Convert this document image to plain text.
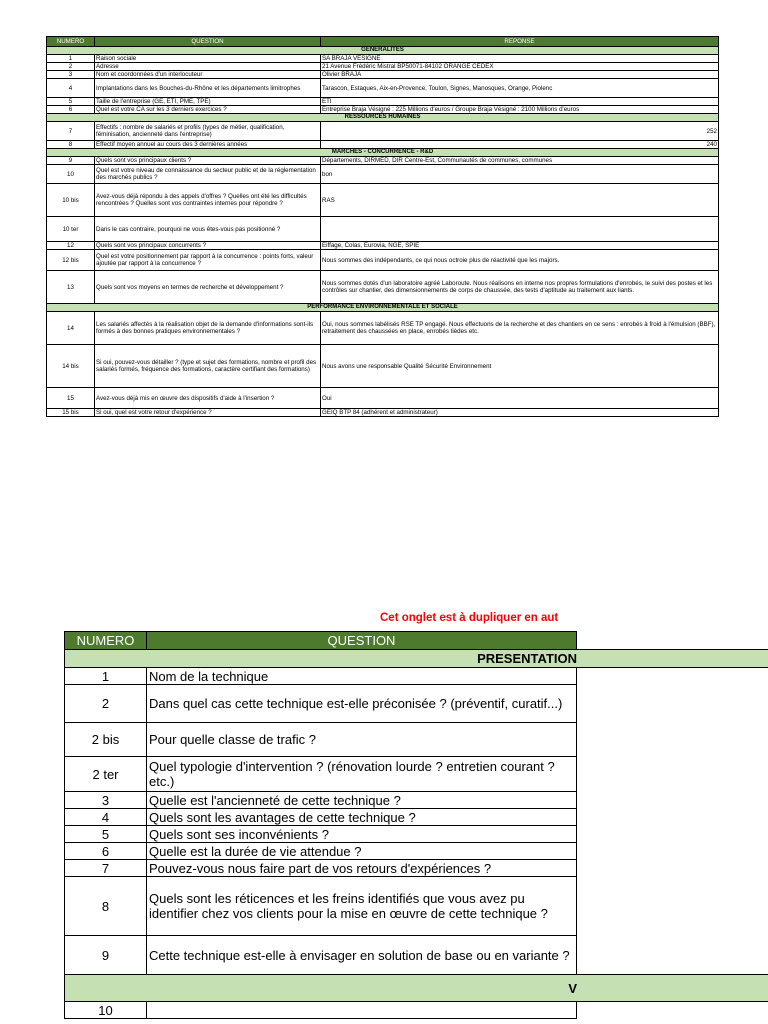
NUMERO	QUESTION	REPONSE
GENERALITES		
1	Raison sociale	SA BRAJA VESIGNE
2	Adresse	21 Avenue Frédéric Mistral BP50071-84102 ORANGE CEDEX
3	Nom et coordonnées d'un interlocuteur	Olivier BRAJA
4	Implantations dans les Bouches-du-Rhône et les départements limitrophes	Tarascon, Estaques, Aix-en-Provence, Toulon, Signes, Manosques, Orange, Piolenc
5	Taille de l'entreprise (GE, ETI, PME, TPE)	ETI
6	Quel est votre CA sur les 3 derniers exercices ?	Entreprise Braja Vésigné : 225 Millions d'euros / Groupe Braja Vésigné : 2100 Millions d'euros
RESSOURCES HUMAINES		
7	Effectifs : nombre de salariés et profils (types de métier, qualification, féminisation, ancienneté dans l'entreprise)	252
8	Effectif moyen annuel au cours des 3 dernières années	240
MARCHES - CONCURRENCE - R&D		
9	Quels sont vos principaux clients ?	Départements, DIRMED, DIR Centre-Est, Communautés de communes, communes
10	Quel est votre niveau de connaissance du secteur public et de la réglementation des marchés publics ?	bon
10 bis	Avez-vous déjà répondu à des appels d'offres ? Quelles ont été les difficultés rencontrées ? Quelles sont vos contraintes internes pour répondre ?	RAS
10 ter	Dans le cas contraire, pourquoi ne vous êtes-vous pas positionné ?	
12	Quels sont vos principaux concurrents ?	Eiffage, Colas, Eurovia, NGE, SPIE
12 bis	Quel est votre positionnement par rapport à la concurrence : points forts, valeur ajoutée par rapport à la concurrence ?	Nous sommes des indépendants, ce qui nous octroie plus de réactivité que les majors.
13	Quels sont vos moyens en termes de recherche et développement ?	Nous sommes dotés d'un laboratoire agréé Laboroute. Nous réalisons en interne nos propres formulations d'enrobés, le suivi des postes et les contrôles sur chantier, des dimensionnements de corps de chaussée, des tests d'aptitude au traitement aux liants.
PERFORMANCE ENVIRONNEMENTALE ET SOCIALE		
14	Les salariés affectés à la réalisation objet de la demande d'informations sont-ils formés à des bonnes pratiques environnementales ?	Oui, nous sommes labélisés RSE TP engagé. Nous effectuons de la recherche et des chantiers en ce sens : enrobés à froid à l'émulsion (BBF), retraitement des chaussées en place, enrobés tièdes etc.
14 bis	Si oui, pouvez-vous détailler ? (type et sujet des formations, nombre et profil des salariés formés, fréquence des formations, caractère certifiant des formations)	Nous avons une responsable Qualité Sécurité Environnement
15	Avez-vous déjà mis en œuvre des dispositifs d'aide à l'insertion ?	Oui
15 bis	Si oui, quel est votre retour d'expérience ?	GEIQ BTP 84 (adhérent et administrateur)
Cet onglet est à dupliquer en aut
NUMERO	QUESTION	

PRESENTATION		

1	Nom de la technique	
2	Dans quel cas cette technique est-elle préconisée ? (préventif, curatif...)	
2 bis	Pour quelle classe de trafic ?	
2 ter	Quel typologie d'intervention ? (rénovation lourde ? entretien courant ? etc.)	
3	Quelle est l'ancienneté de cette technique ?	
4	Quels sont les avantages de cette technique ?	
5	Quels sont ses inconvénients ?	
6	Quelle est la durée de vie attendue ?	
7	Pouvez-vous nous faire part de vos retours d'expériences ?	
8	Quels sont les réticences et les freins identifiés que vous avez pu identifier chez vos clients pour la mise en œuvre de cette technique ?	
9	Cette technique est-elle à envisager en solution de base ou en variante ?	

V		

10		
